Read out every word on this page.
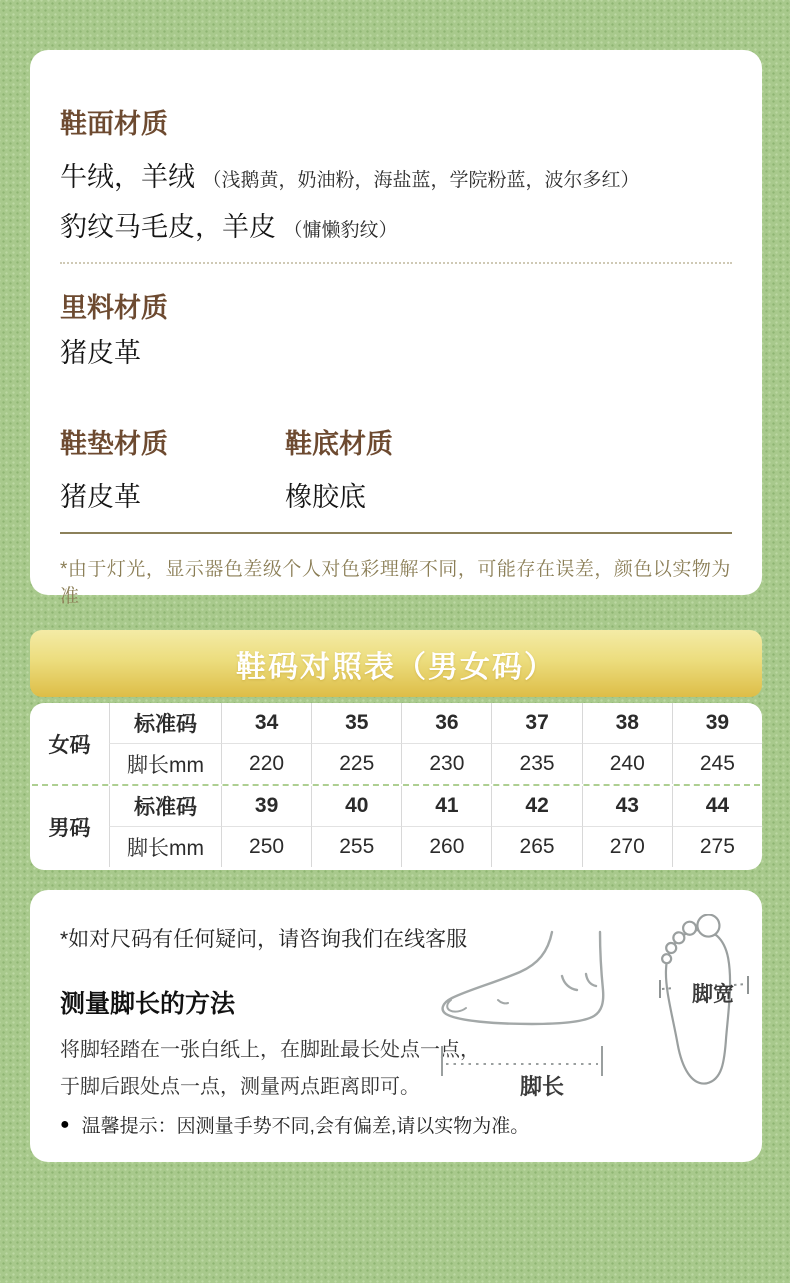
鞋面材质

牛绒，羊绒 （浅鹅黄，奶油粉，海盐蓝，学院粉蓝，波尔多红）

豹纹马毛皮，羊皮 （慵懒豹纹）

里料材质

猪皮革

鞋垫材质	鞋底材质

猪皮革	橡胶底

*由于灯光，显示器色差级个人对色彩理解不同，可能存在误差，颜色以实物为准

鞋码对照表（男女码）
女码
标准码	34	35	36	37	38	39
脚长mm	220	225	230	235	240	245
男码
标准码	39	40	41	42	43	44
脚长mm	250	255	260	265	270	275

*如对尺码有任何疑问，请咨询我们在线客服

测量脚长的方法

将脚轻踏在一张白纸上，在脚趾最长处点一点，
于脚后跟处点一点，测量两点距离即可。	脚长
脚宽
● 温馨提示：因测量手势不同,会有偏差,请以实物为准。
